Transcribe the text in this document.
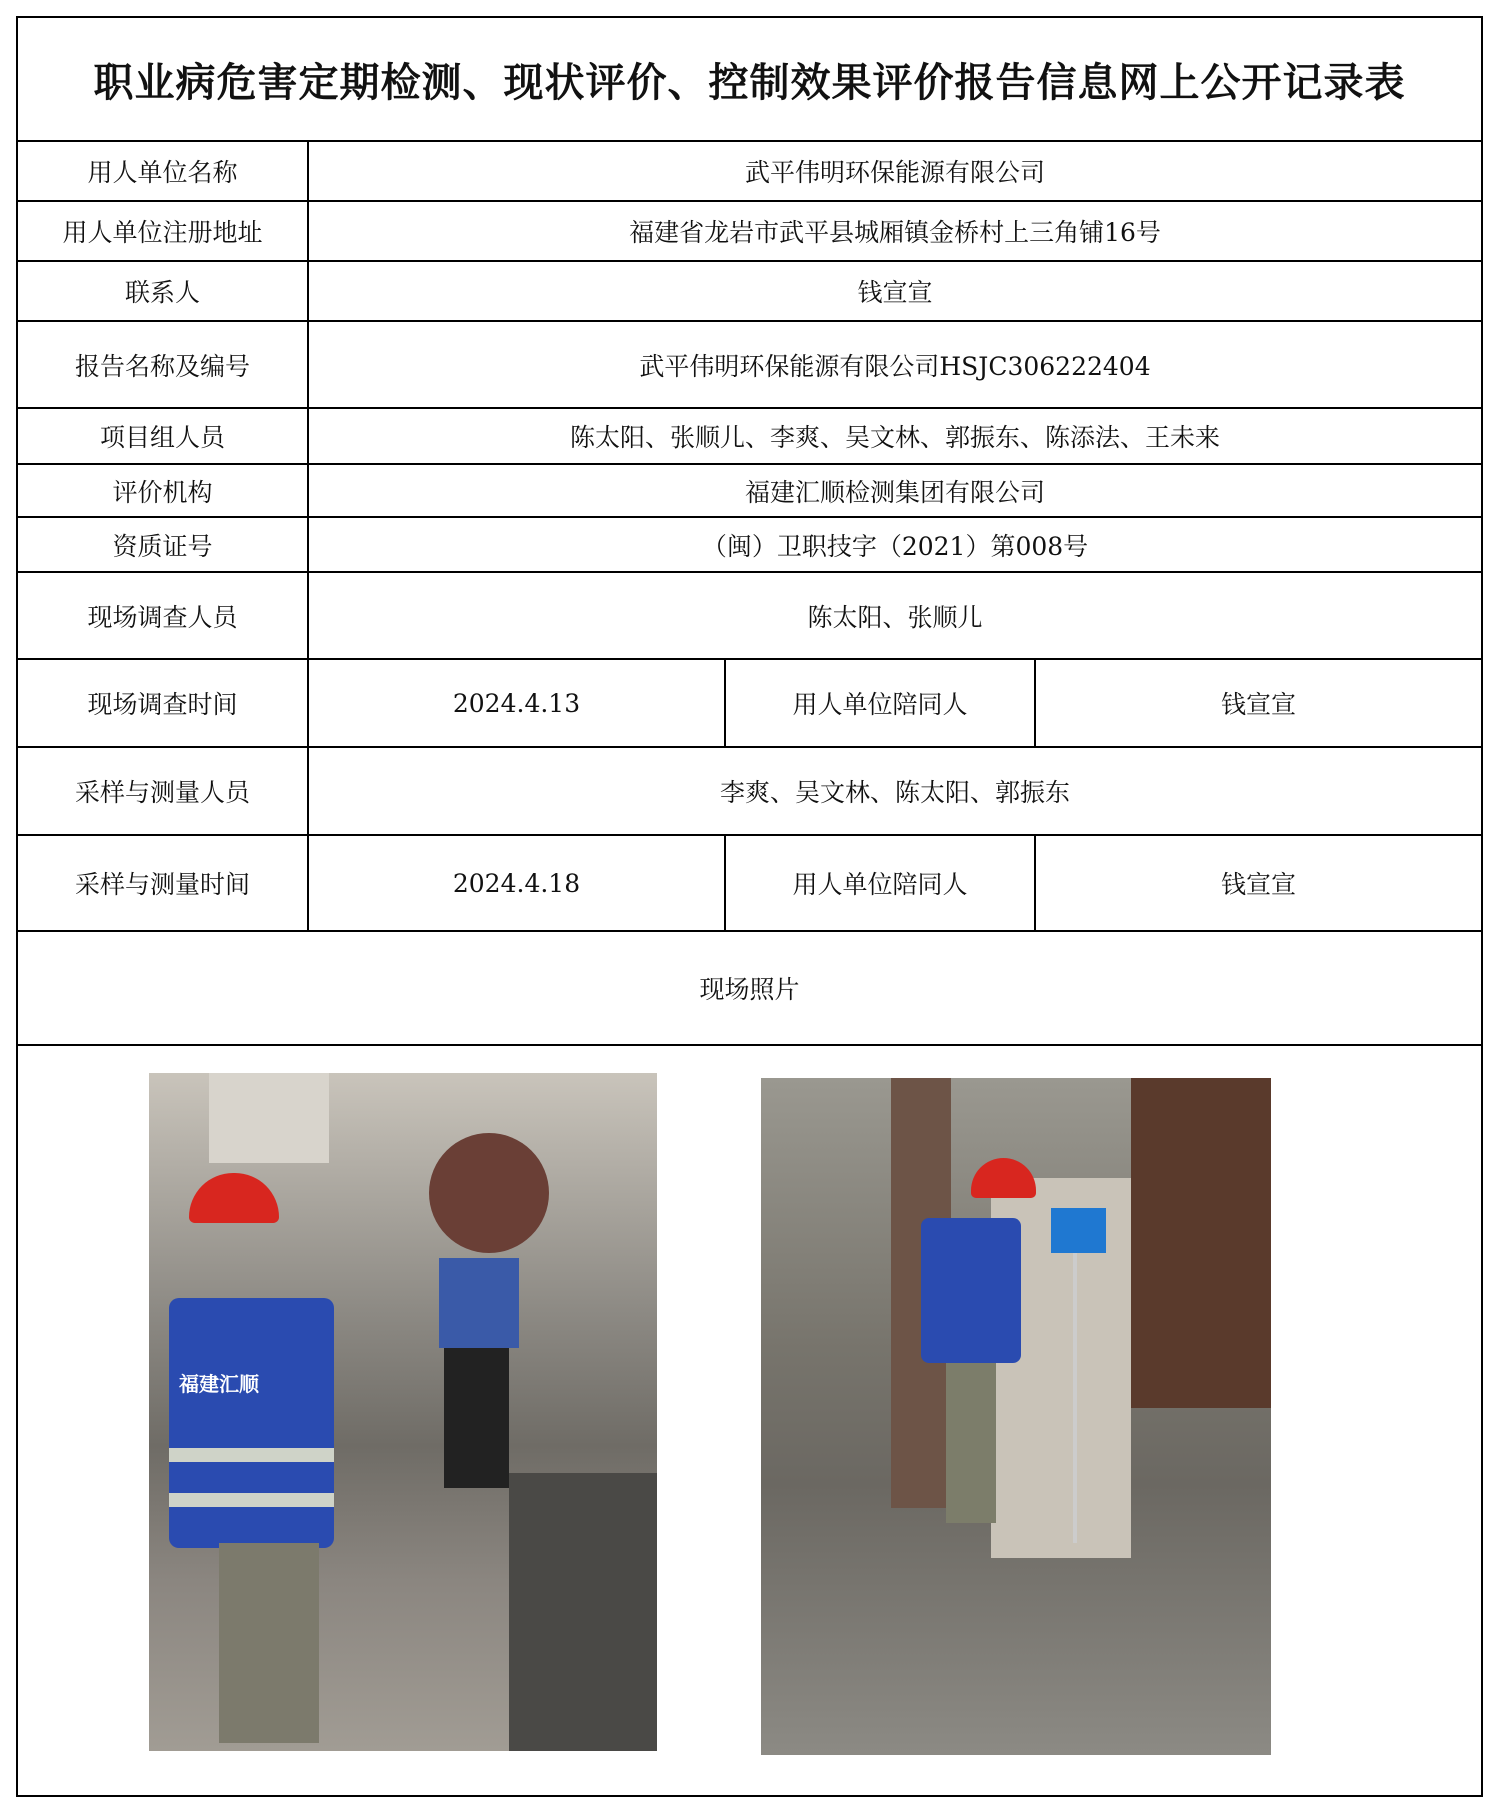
职业病危害定期检测、现状评价、控制效果评价报告信息网上公开记录表
用人单位名称	武平伟明环保能源有限公司
用人单位注册地址	福建省龙岩市武平县城厢镇金桥村上三角铺16号
联系人	钱宣宣
报告名称及编号	武平伟明环保能源有限公司HSJC306222404
项目组人员	陈太阳、张顺儿、李爽、吴文林、郭振东、陈添法、王未来
评价机构	福建汇顺检测集团有限公司
资质证号	（闽）卫职技字（2021）第008号
现场调查人员	陈太阳、张顺儿
现场调查时间	2024.4.13	用人单位陪同人	钱宣宣
采样与测量人员	李爽、吴文林、陈太阳、郭振东
采样与测量时间	2024.4.18	用人单位陪同人	钱宣宣
现场照片
福建汇顺
